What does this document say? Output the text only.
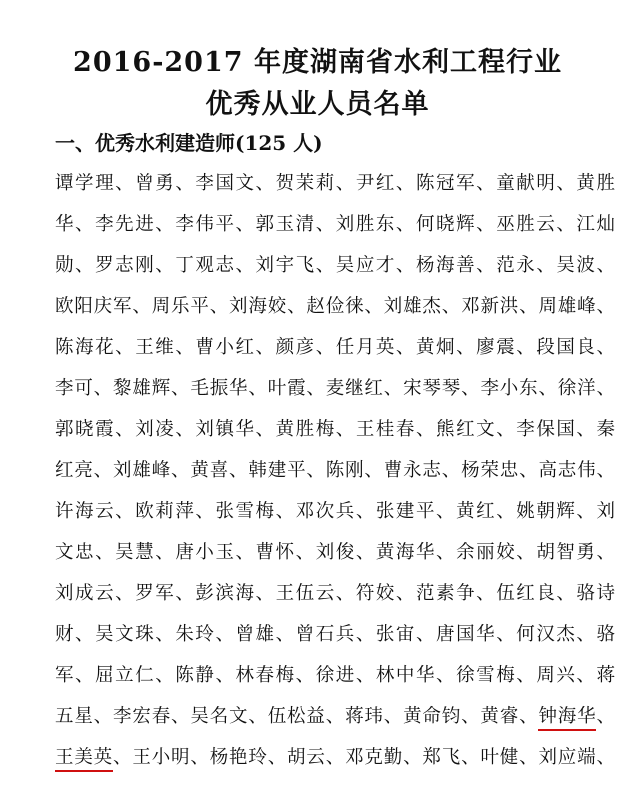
2016-2017 年度湖南省水利工程行业
优秀从业人员名单
一、优秀水利建造师(125 人)
谭学理、曾勇、李国文、贺茉莉、尹红、陈冠军、童献明、黄胜
华、李先进、李伟平、郭玉清、刘胜东、何晓辉、巫胜云、江灿
勋、罗志刚、丁观志、刘宇飞、吴应才、杨海善、范永、吴波、
欧阳庆军、周乐平、刘海姣、赵俭徕、刘雄杰、邓新洪、周雄峰、
陈海花、王维、曹小红、颜彦、任月英、黄炯、廖震、段国良、
李可、黎雄辉、毛振华、叶霞、麦继红、宋琴琴、李小东、徐洋、
郭晓霞、刘凌、刘镇华、黄胜梅、王桂春、熊红文、李保国、秦
红亮、刘雄峰、黄喜、韩建平、陈刚、曹永志、杨荣忠、高志伟、
许海云、欧莉萍、张雪梅、邓次兵、张建平、黄红、姚朝辉、刘
文忠、吴慧、唐小玉、曹怀、刘俊、黄海华、余丽姣、胡智勇、
刘成云、罗军、彭滨海、王伍云、符姣、范素争、伍红良、骆诗
财、吴文珠、朱玲、曾雄、曾石兵、张宙、唐国华、何汉杰、骆
军、屈立仁、陈静、林春梅、徐进、林中华、徐雪梅、周兴、蒋
五星、李宏春、吴名文、伍松益、蒋玮、黄命钧、黄睿、钟海华、
王美英、王小明、杨艳玲、胡云、邓克勤、郑飞、叶健、刘应端、
